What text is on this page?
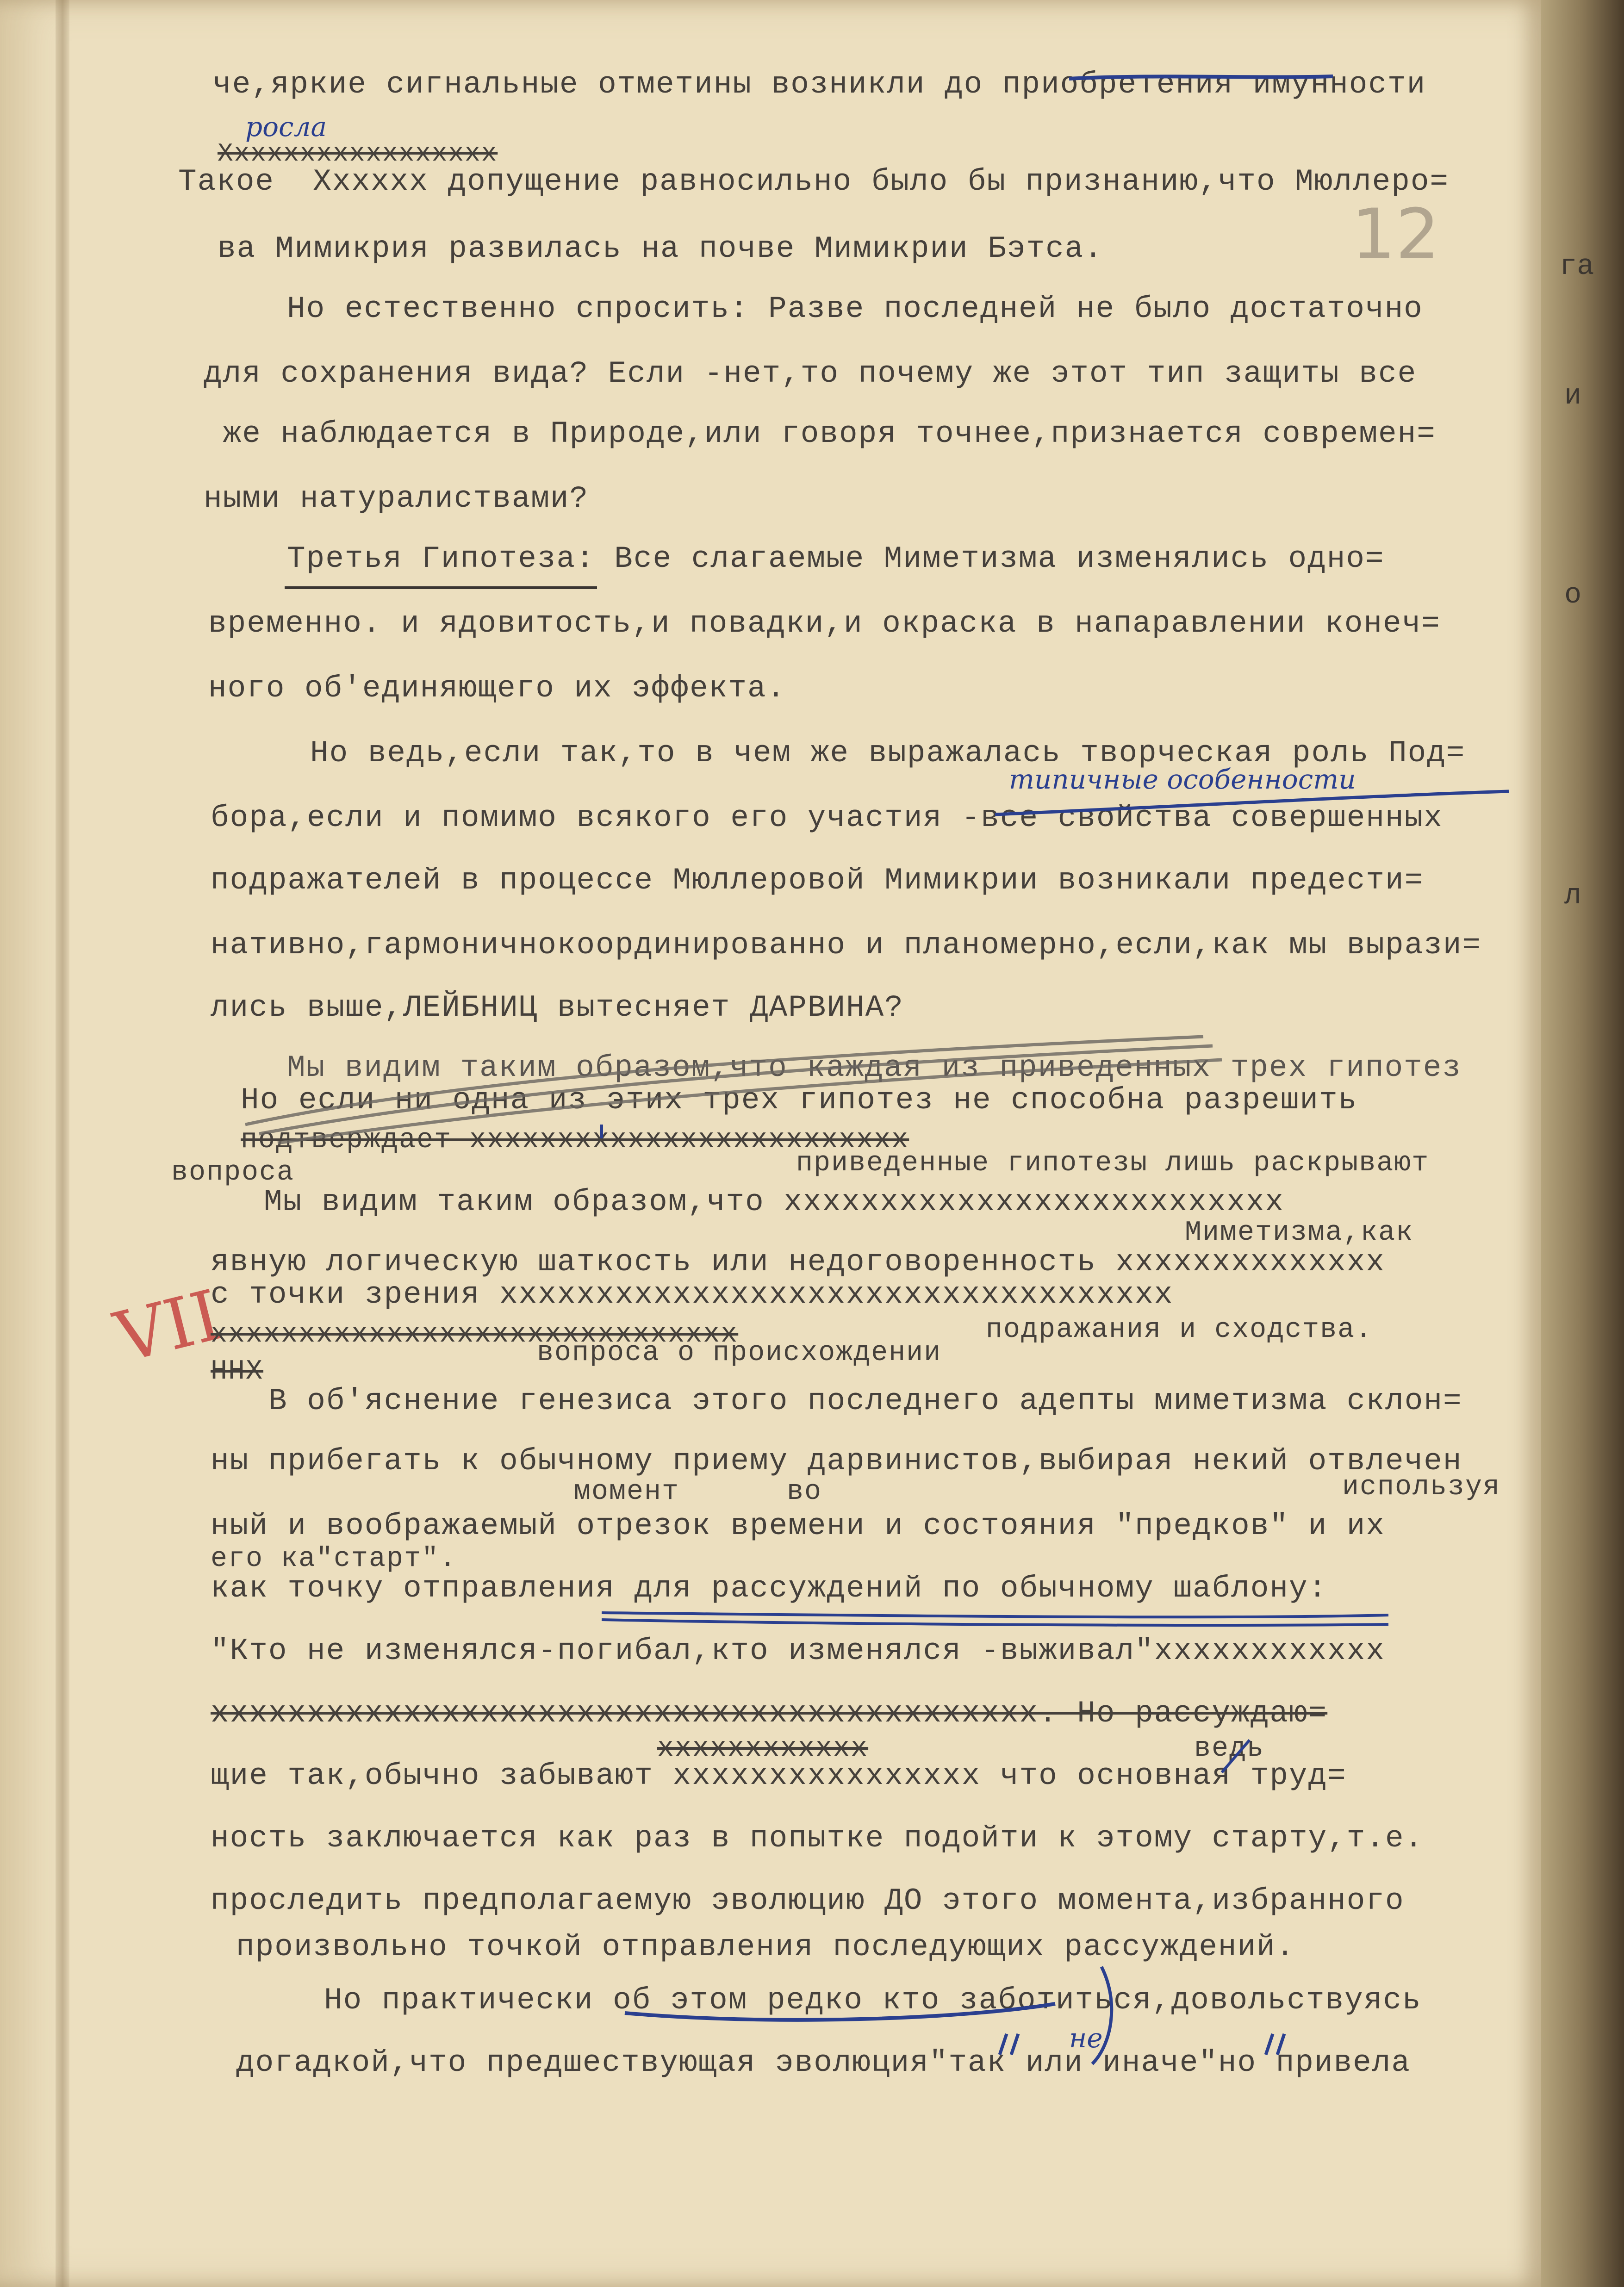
га
и
о
л
12
VII
че,яркие сигнальные отметины возникли до приобретения имунности
росла
Xxxxxxxxxxxxxxxxx
Такое  Xxxxxx допущение равносильно было бы признанию,что Мюллеро=
ва Мимикрия развилась на почве Мимикрии Бэтса.
Но естественно спросить: Разве последней не было достаточно
для сохранения вида? Если -нет,то почему же этот тип защиты все
же наблюдается в Природе,или говоря точнее,признается современ=
ными натуралиствами?
Третья Гипотеза: Все слагаемые Миметизма изменялись одно=
временно. и ядовитость,и повадки,и окраска в напаравлении конеч=
ного об'единяющего их эффекта.
Но ведь,если так,то в чем же выражалась творческая роль Под=
типичные особенности
бора,если и помимо всякого его участия -все свойства совершенных
подражателей в процессе Мюллеровой Мимикрии возникали предести=
нативно,гармоничнокоординированно и планомерно,если,как мы вырази=
лись выше,ЛЕЙБНИЦ вытесняет ДАРВИНА?
Мы видим таким образом,что каждая из приведенных трех гипотез
Но если ни одна из этих трех гипотез не способна разрешить
подтверждает ххххххххххххххххххххххххх
вопроса	приведенные гипотезы лишь раскрывают
Мы видим таким образом,что хххххххххххххххххххххххххх
Миметизма,как
явную логическую шаткость или недоговоренность хххххххххххххх
с точки зрения ххххххххххххххххххххххххххххххххххх
хххххххххххххххххххххххххххххх	подражания и сходства.
вопроса о происхождении
ННХ
В об'яснение генезиса этого последнего адепты миметизма склон=
ны прибегать к обычному приему дарвинистов,выбирая некий отвлечен
момент	во	используя
ный и воображаемый отрезок времени и состояния "предков" и их
его ка"старт".
как точку отправления для рассуждений по обычному шаблону:
"Кто не изменялся-погибал,кто изменялся -выживал"хххххххххххх
ххххххххххххххххххххххххххххххххххххххххххх. Но рассуждаю=
хххххххххххх	ведь
щие так,обычно забывают хххххххххххххххх что основная труд=
ность заключается как раз в попытке подойти к этому старту,т.е.
проследить предполагаемую эволюцию ДО этого момента,избранного
произвольно точкой отправления последующих рассуждений.
Но практически об этом редко кто заботиться,довольствуясь
не
догадкой,что предшествующая эволюция"так или иначе"но привела
